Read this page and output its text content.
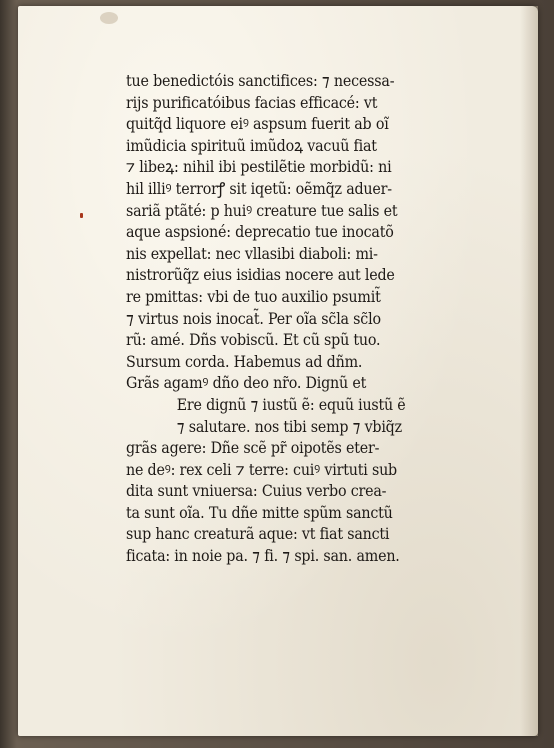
tue benedictóis sanctifices: ⁊ necessa-
rijs purificatóibus facias efficacé: vt
quitq̃d liquore eiꝰ aspsum fuerit ab oĩ
imũdicia spirituũ imũdoꝝ vacuũ fiat
⁊ libeꝝ: nihil ibi pestilẽtie morbidũ: ni
hil illiꝰ terrorꝭ sit iqetũ: oẽmq̃z aduer-
sariã ptãté: p huiꝰ creature tue salis et
aque aspsioné: deprecatio tue inocatõ
nis expellat: nec vllasibi diaboli: mi-
nistrorũq̃z eius isidias nocere aut lede
re pmittas: vbi de tuo auxilio psumit̃
⁊ virtus nois inocat̃. Per oĩa sc̃la sc̃lo
rũ: amé. Dñs vobiscũ. Et cũ spũ tuo.
Sursum corda. Habemus ad dñm.
Grãs agamꝰ dño deo nr̃o. Dignũ et
Ere dignũ ⁊ iustũ ẽ: equũ iustũ ẽ
⁊ salutare. nos tibi semp ⁊ vbiq̃z
grãs agere: Dñe scẽ pr̃ oipotẽs eter-
ne deꝰ: rex celi ⁊ terre: cuiꝰ virtuti sub
dita sunt vniuersa: Cuius verbo crea-
ta sunt oĩa. Tu dñe mitte spũm sanctũ
sup hanc creaturã aque: vt fiat sancti
ficata: in noie pa. ⁊ fi. ⁊ spi. san. amen.
